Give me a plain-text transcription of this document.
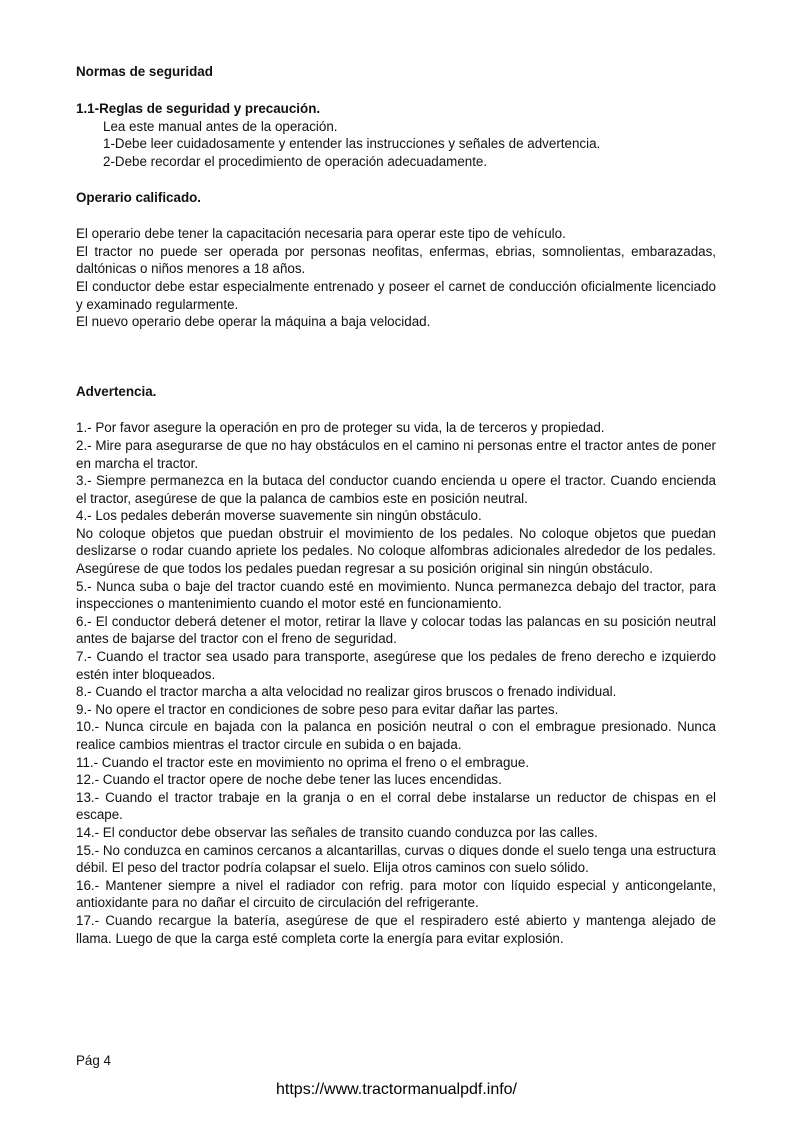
Normas de seguridad
1.1-Reglas de seguridad y precaución.

Lea este manual antes de la operación.

1-Debe leer cuidadosamente y entender las instrucciones y señales de advertencia.

2-Debe recordar el procedimiento de operación adecuadamente.

Operario calificado.

El operario debe tener la capacitación necesaria para operar este tipo de vehículo.

El tractor no puede ser operada por personas neofitas, enfermas, ebrias, somnolientas, embarazadas, daltónicas o niños menores a 18 años.

El conductor debe estar especialmente entrenado y poseer el carnet de conducción oficialmente licenciado y examinado regularmente.

El nuevo operario debe operar la máquina a baja velocidad.

Advertencia.

1.- Por favor asegure la operación en pro de proteger su vida, la de terceros y propiedad.

2.- Mire para asegurarse de que no hay obstáculos en el camino ni personas entre el tractor antes de poner en marcha el tractor.

3.- Siempre permanezca en la butaca del conductor cuando encienda u opere el tractor. Cuando encienda el tractor, asegúrese de que la palanca de cambios este en posición neutral.

4.- Los pedales deberán moverse suavemente sin ningún obstáculo.

No coloque objetos que puedan obstruir el movimiento de los pedales. No coloque objetos que puedan deslizarse o rodar cuando apriete los pedales. No coloque alfombras adicionales alrededor de los pedales. Asegúrese de que todos los pedales puedan regresar a su posición original sin ningún obstáculo.

5.- Nunca suba o baje del tractor cuando esté en movimiento. Nunca permanezca debajo del tractor, para inspecciones o mantenimiento cuando el motor esté en funcionamiento.

6.- El conductor deberá detener el motor, retirar la llave y colocar todas las palancas en su posición neutral antes de bajarse del tractor con el freno de seguridad.

7.- Cuando el tractor sea usado para transporte, asegúrese que los pedales de freno derecho e izquierdo estén inter bloqueados.

8.- Cuando el tractor marcha a alta velocidad no realizar giros bruscos o frenado individual.

9.- No opere el tractor en condiciones de sobre peso para evitar dañar las partes.

10.- Nunca circule en bajada con la palanca en posición neutral o con el embrague presionado. Nunca realice cambios mientras el tractor circule en subida o en bajada.

11.- Cuando el tractor este en movimiento no oprima el freno o el embrague.

12.- Cuando el tractor opere de noche debe tener las luces encendidas.

13.- Cuando el tractor trabaje en la granja o en el corral debe instalarse un reductor de chispas en el escape.

14.- El conductor debe observar las señales de transito cuando conduzca por las calles.

15.- No conduzca en caminos cercanos a alcantarillas, curvas o diques donde el suelo tenga una estructura débil. El peso del tractor podría colapsar el suelo. Elija otros caminos con suelo sólido.

16.- Mantener siempre a nivel el radiador con refrig. para motor con líquido especial y anticongelante, antioxidante para no dañar el circuito de circulación del refrigerante.

17.- Cuando recargue la batería, asegúrese de que el respiradero esté abierto y mantenga alejado de llama. Luego de que la carga esté completa corte la energía para evitar explosión.

Pág 4
https://www.tractormanualpdf.info/
